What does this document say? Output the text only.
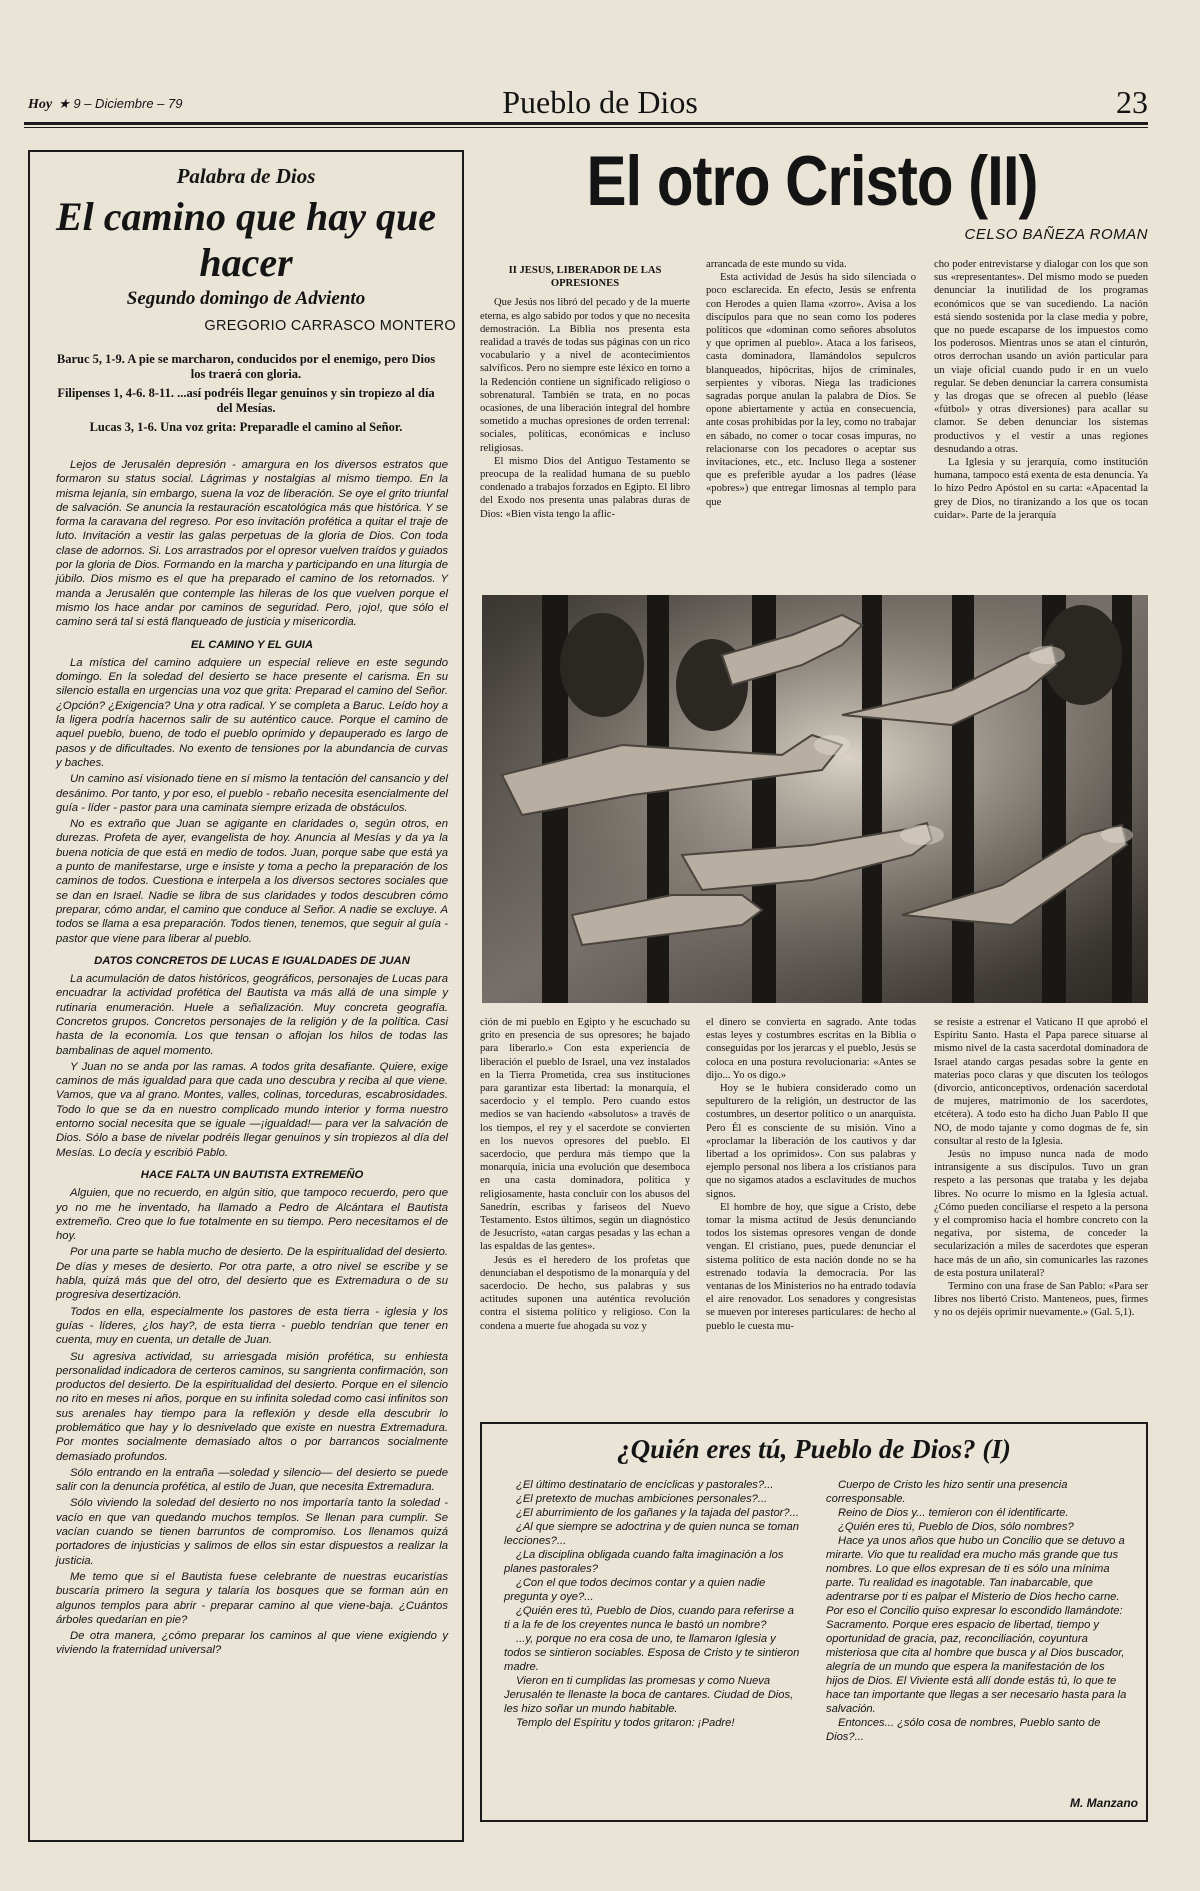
Hoy ★ 9 – Diciembre – 79	Pueblo de Dios	23
Palabra de Dios
El camino que hay que hacer
Segundo domingo de Adviento
GREGORIO CARRASCO MONTERO

Baruc 5, 1-9. A pie se marcharon, conducidos por el enemigo, pero Dios los traerá con gloria.

Filipenses 1, 4-6. 8-11. ...así podréis llegar genuinos y sin tropiezo al día del Mesías.

Lucas 3, 1-6. Una voz grita: Preparadle el camino al Señor.

Lejos de Jerusalén depresión - amargura en los diversos estratos que formaron su status social. Lágrimas y nostalgias al mismo tiempo. En la misma lejanía, sin embargo, suena la voz de liberación. Se oye el grito triunfal de salvación. Se anuncia la restauración escatológica más que histórica. Y se forma la caravana del regreso. Por eso invitación profética a quitar el traje de luto. Invitación a vestir las galas perpetuas de la gloria de Dios. Con toda clase de adornos. Si. Los arrastrados por el opresor vuelven traídos y guiados por la gloria de Dios. Formando en la marcha y participando en una liturgia de júbilo. Dios mismo es el que ha preparado el camino de los retornados. Y manda a Jerusalén que contemple las hileras de los que vuelven porque el mismo los hace andar por caminos de seguridad. Pero, ¡ojo!, que sólo el camino será tal si está flanqueado de justicia y misericordia.

EL CAMINO Y EL GUIA

La mística del camino adquiere un especial relieve en este segundo domingo. En la soledad del desierto se hace presente el carisma. En su silencio estalla en urgencias una voz que grita: Preparad el camino del Señor. ¿Opción? ¿Exigencia? Una y otra radical. Y se completa a Baruc. Leído hoy a la ligera podría hacernos salir de su auténtico cauce. Porque el camino de aquel pueblo, bueno, de todo el pueblo oprimido y depauperado es largo de pasos y de dificultades. No exento de tensiones por la abundancia de curvas y baches.

Un camino así visionado tiene en sí mismo la tentación del cansancio y del desánimo. Por tanto, y por eso, el pueblo - rebaño necesita esencialmente del guía - líder - pastor para una caminata siempre erizada de obstáculos.

No es extraño que Juan se agigante en claridades o, según otros, en durezas. Profeta de ayer, evangelista de hoy. Anuncia al Mesías y da ya la buena noticia de que está en medio de todos. Juan, porque sabe que está ya a punto de manifestarse, urge e insiste y toma a pecho la preparación de los caminos de todos. Cuestiona e interpela a los diversos sectores sociales que se dan en Israel. Nadie se libra de sus claridades y todos descubren cómo preparar, cómo andar, el camino que conduce al Señor. A nadie se excluye. A todos se llama a esa preparación. Todos tienen, tenemos, que seguir al guía - pastor que viene para liberar al pueblo.

DATOS CONCRETOS DE LUCAS E IGUALDADES DE JUAN

La acumulación de datos históricos, geográficos, personajes de Lucas para encuadrar la actividad profética del Bautista va más allá de una simple y rutinaria enumeración. Huele a señalización. Muy concreta geografía. Concretos grupos. Concretos personajes de la religión y de la política. Casi hasta de la economía. Los que tensan o aflojan los hilos de todas las bambalinas de aquel momento.

Y Juan no se anda por las ramas. A todos grita desafiante. Quiere, exige caminos de más igualdad para que cada uno descubra y reciba al que viene. Vamos, que va al grano. Montes, valles, colinas, torceduras, escabrosidades. Todo lo que se da en nuestro complicado mundo interior y forma nuestro entorno social necesita que se iguale —¡igualdad!— para ver la salvación de Dios. Sólo a base de nivelar podréis llegar genuinos y sin tropiezos al día del Mesías. Lo decía y escribió Pablo.

HACE FALTA UN BAUTISTA EXTREMEÑO

Alguien, que no recuerdo, en algún sitio, que tampoco recuerdo, pero que yo no me he inventado, ha llamado a Pedro de Alcántara el Bautista extremeño. Creo que lo fue totalmente en su tiempo. Pero necesitamos el de hoy.

Por una parte se habla mucho de desierto. De la espiritualidad del desierto. De días y meses de desierto. Por otra parte, a otro nivel se escribe y se habla, quizá más que del otro, del desierto que es Extremadura o de su progresiva desertización.

Todos en ella, especialmente los pastores de esta tierra - iglesia y los guías - líderes, ¿los hay?, de esta tierra - pueblo tendrían que tener en cuenta, muy en cuenta, un detalle de Juan.

Su agresiva actividad, su arriesgada misión profética, su enhiesta personalidad indicadora de certeros caminos, su sangrienta confirmación, son productos del desierto. De la espiritualidad del desierto. Porque en el silencio no rito en meses ni años, porque en su infinita soledad como casi infinitos son sus arenales hay tiempo para la reflexión y desde ella descubrir lo problemático que hay y lo desnivelado que existe en nuestra Extremadura. Por montes socialmente demasiado altos o por barrancos socialmente demasiado profundos.

Sólo entrando en la entraña —soledad y silencio— del desierto se puede salir con la denuncia profética, al estilo de Juan, que necesita Extremadura.

Sólo viviendo la soledad del desierto no nos importaría tanto la soledad - vacío en que van quedando muchos templos. Se llenan para cumplir. Se vacían cuando se tienen barruntos de compromiso. Los llenamos quizá portadores de injusticias y salimos de ellos sin estar dispuestos a realizar la justicia.

Me temo que si el Bautista fuese celebrante de nuestras eucaristías buscaría primero la segura y talaría los bosques que se forman aún en algunos templos para abrir - preparar camino al que viene-baja. ¿Cuántos árboles quedarían en pie?

De otra manera, ¿cómo preparar los caminos al que viene exigiendo y viviendo la fraternidad universal?

El otro Cristo (II)
CELSO BAÑEZA ROMAN
II JESUS, LIBERADOR DE LAS OPRESIONES

Que Jesús nos libró del pecado y de la muerte eterna, es algo sabido por todos y que no necesita demostración. La Biblia nos presenta esta realidad a través de todas sus páginas con un rico vocabulario y a nivel de acontecimientos salvíficos. Pero no siempre este léxico en torno a la Redención contiene un significado religioso o sobrenatural. También se trata, en no pocas ocasiones, de una liberación integral del hombre sometido a muchas opresiones de orden terrenal: sociales, políticas, económicas e incluso religiosas.

El mismo Dios del Antiguo Testamento se preocupa de la realidad humana de su pueblo condenado a trabajos forzados en Egipto. El libro del Exodo nos presenta unas palabras duras de Dios: «Bien vista tengo la aflic-

arrancada de este mundo su vida.

Esta actividad de Jesús ha sido silenciada o poco esclarecida. En efecto, Jesús se enfrenta con Herodes a quien llama «zorro». Avisa a los discípulos para que no sean como los poderes políticos que «dominan como señores absolutos y que oprimen al pueblo». Ataca a los fariseos, casta dominadora, llamándolos sepulcros blanqueados, hipócritas, hijos de criminales, serpientes y víboras. Niega las tradiciones sagradas porque anulan la palabra de Dios. Se opone abiertamente y actúa en consecuencia, ante cosas prohibidas por la ley, como no trabajar en sábado, no comer o tocar cosas impuras, no relacionarse con los pecadores o aceptar sus invitaciones, etc., etc. Incluso llega a sostener que es preferible ayudar a los padres (léase «pobres») que entregar limosnas al templo para que

cho poder entrevistarse y dialogar con los que son sus «representantes». Del mismo modo se pueden denunciar la inutilidad de los programas económicos que se van sucediendo. La nación está siendo sostenida por la clase media y pobre, que no puede escaparse de los impuestos como los poderosos. Mientras unos se atan el cinturón, otros derrochan usando un avión particular para un viaje oficial cuando pudo ir en un vuelo regular. Se deben denunciar la carrera consumista y las drogas que se ofrecen al pueblo (léase «fútbol» y otras diversiones) para acallar su clamor. Se deben denunciar los sistemas productivos y el vestir a unas regiones desnudando a otras.

La Iglesia y su jerarquía, como institución humana, tampoco está exenta de esta denuncia. Ya lo hizo Pedro Apóstol en su carta: «Apacentad la grey de Dios, no tiranizando a los que os tocan cuidar». Parte de la jerarquía

ción de mi pueblo en Egipto y he escuchado su grito en presencia de sus opresores; he bajado para liberarlo.» Con esta experiencia de liberación el pueblo de Israel, una vez instalados en la Tierra Prometida, crea sus instituciones para garantizar esta libertad: la monarquía, el sacerdocio y el templo. Pero cuando estos medios se van haciendo «absolutos» a través de los tiempos, el rey y el sacerdote se convierten en los nuevos opresores del pueblo. El sacerdocio, que perdura más tiempo que la monarquía, inicia una evolución que desemboca en una casta dominadora, política y religiosamente, hasta concluir con los abusos del Sanedrín, escribas y fariseos del Nuevo Testamento. Estos últimos, según un diagnóstico de Jesucristo, «atan cargas pesadas y las echan a las espaldas de las gentes».

Jesús es el heredero de los profetas que denunciaban el despotismo de la monarquía y del sacerdocio. De hecho, sus palabras y sus actitudes suponen una auténtica revolución contra el sistema político y religioso. Con la condena a muerte fue ahogada su voz y

el dinero se convierta en sagrado. Ante todas estas leyes y costumbres escritas en la Biblia o conseguidas por los jerarcas y el pueblo, Jesús se coloca en una postura revolucionaria: «Antes se dijo... Yo os digo.»

Hoy se le hubiera considerado como un sepulturero de la religión, un destructor de las costumbres, un desertor político o un anarquista. Pero Él es consciente de su misión. Vino a «proclamar la liberación de los cautivos y dar libertad a los oprimidos». Con sus palabras y ejemplo personal nos libera a los cristianos para que no sigamos atados a esclavitudes de muchos signos.

El hombre de hoy, que sigue a Cristo, debe tomar la misma actitud de Jesús denunciando todos los sistemas opresores vengan de donde vengan. El cristiano, pues, puede denunciar el sistema político de esta nación donde no se ha estrenado todavía la democracia. Por las ventanas de los Ministerios no ha entrado todavía el aire renovador. Los senadores y congresistas se mueven por intereses particulares: de hecho al pueblo le cuesta mu-

se resiste a estrenar el Vaticano II que aprobó el Espíritu Santo. Hasta el Papa parece situarse al mismo nivel de la casta sacerdotal dominadora de Israel atando cargas pesadas sobre la gente en materias poco claras y que discuten los teólogos (divorcio, anticonceptivos, ordenación sacerdotal de mujeres, matrimonio de los sacerdotes, etcétera). A todo esto ha dicho Juan Pablo II que NO, de modo tajante y como dogmas de fe, sin consultar al resto de la Iglesia.

Jesús no impuso nunca nada de modo intransigente a sus discípulos. Tuvo un gran respeto a las personas que trataba y les dejaba libres. No ocurre lo mismo en la Iglesia actual. ¿Cómo pueden conciliarse el respeto a la persona y el compromiso hacia el hombre concreto con la negativa, por sistema, de conceder la secularización a miles de sacerdotes que esperan hace más de un año, sin comunicarles las razones de esta postura unilateral?

Termino con una frase de San Pablo: «Para ser libres nos libertó Cristo. Manteneos, pues, firmes y no os dejéis oprimir nuevamente.» (Gal. 5,1).

¿Quién eres tú, Pueblo de Dios? (I)

¿El último destinatario de encíclicas y pastorales?...

¿El pretexto de muchas ambiciones personales?...

¿El aburrimiento de los gañanes y la tajada del pastor?...

¿Al que siempre se adoctrina y de quien nunca se toman lecciones?...

¿La disciplina obligada cuando falta imaginación a los planes pastorales?

¿Con el que todos decimos contar y a quien nadie pregunta y oye?...

¿Quién eres tú, Pueblo de Dios, cuando para referirse a ti a la fe de los creyentes nunca le bastó un nombre?

...y, porque no era cosa de uno, te llamaron Iglesia y todos se sintieron sociables. Esposa de Cristo y te sintieron madre.

Vieron en ti cumplidas las promesas y como Nueva Jerusalén te llenaste la boca de cantares. Ciudad de Dios, les hizo soñar un mundo habitable.

Templo del Espíritu y todos gritaron: ¡Padre!

Cuerpo de Cristo les hizo sentir una presencia corresponsable.

Reino de Dios y... temieron con él identificarte.

¿Quién eres tú, Pueblo de Dios, sólo nombres?

Hace ya unos años que hubo un Concilio que se detuvo a mirarte. Vio que tu realidad era mucho más grande que tus nombres. Lo que ellos expresan de ti es sólo una mínima parte. Tu realidad es inagotable. Tan inabarcable, que adentrarse por ti es palpar el Misterio de Dios hecho carne. Por eso el Concilio quiso expresar lo escondido llamándote: Sacramento. Porque eres espacio de libertad, tiempo y oportunidad de gracia, paz, reconciliación, coyuntura misteriosa que cita al hombre que busca y al Dios buscador, alegría de un mundo que espera la manifestación de los hijos de Dios. El Viviente está allí donde estás tú, lo que te hace tan importante que llegas a ser necesario hasta para la salvación.

Entonces... ¿sólo cosa de nombres, Pueblo santo de Dios?...

M. Manzano
